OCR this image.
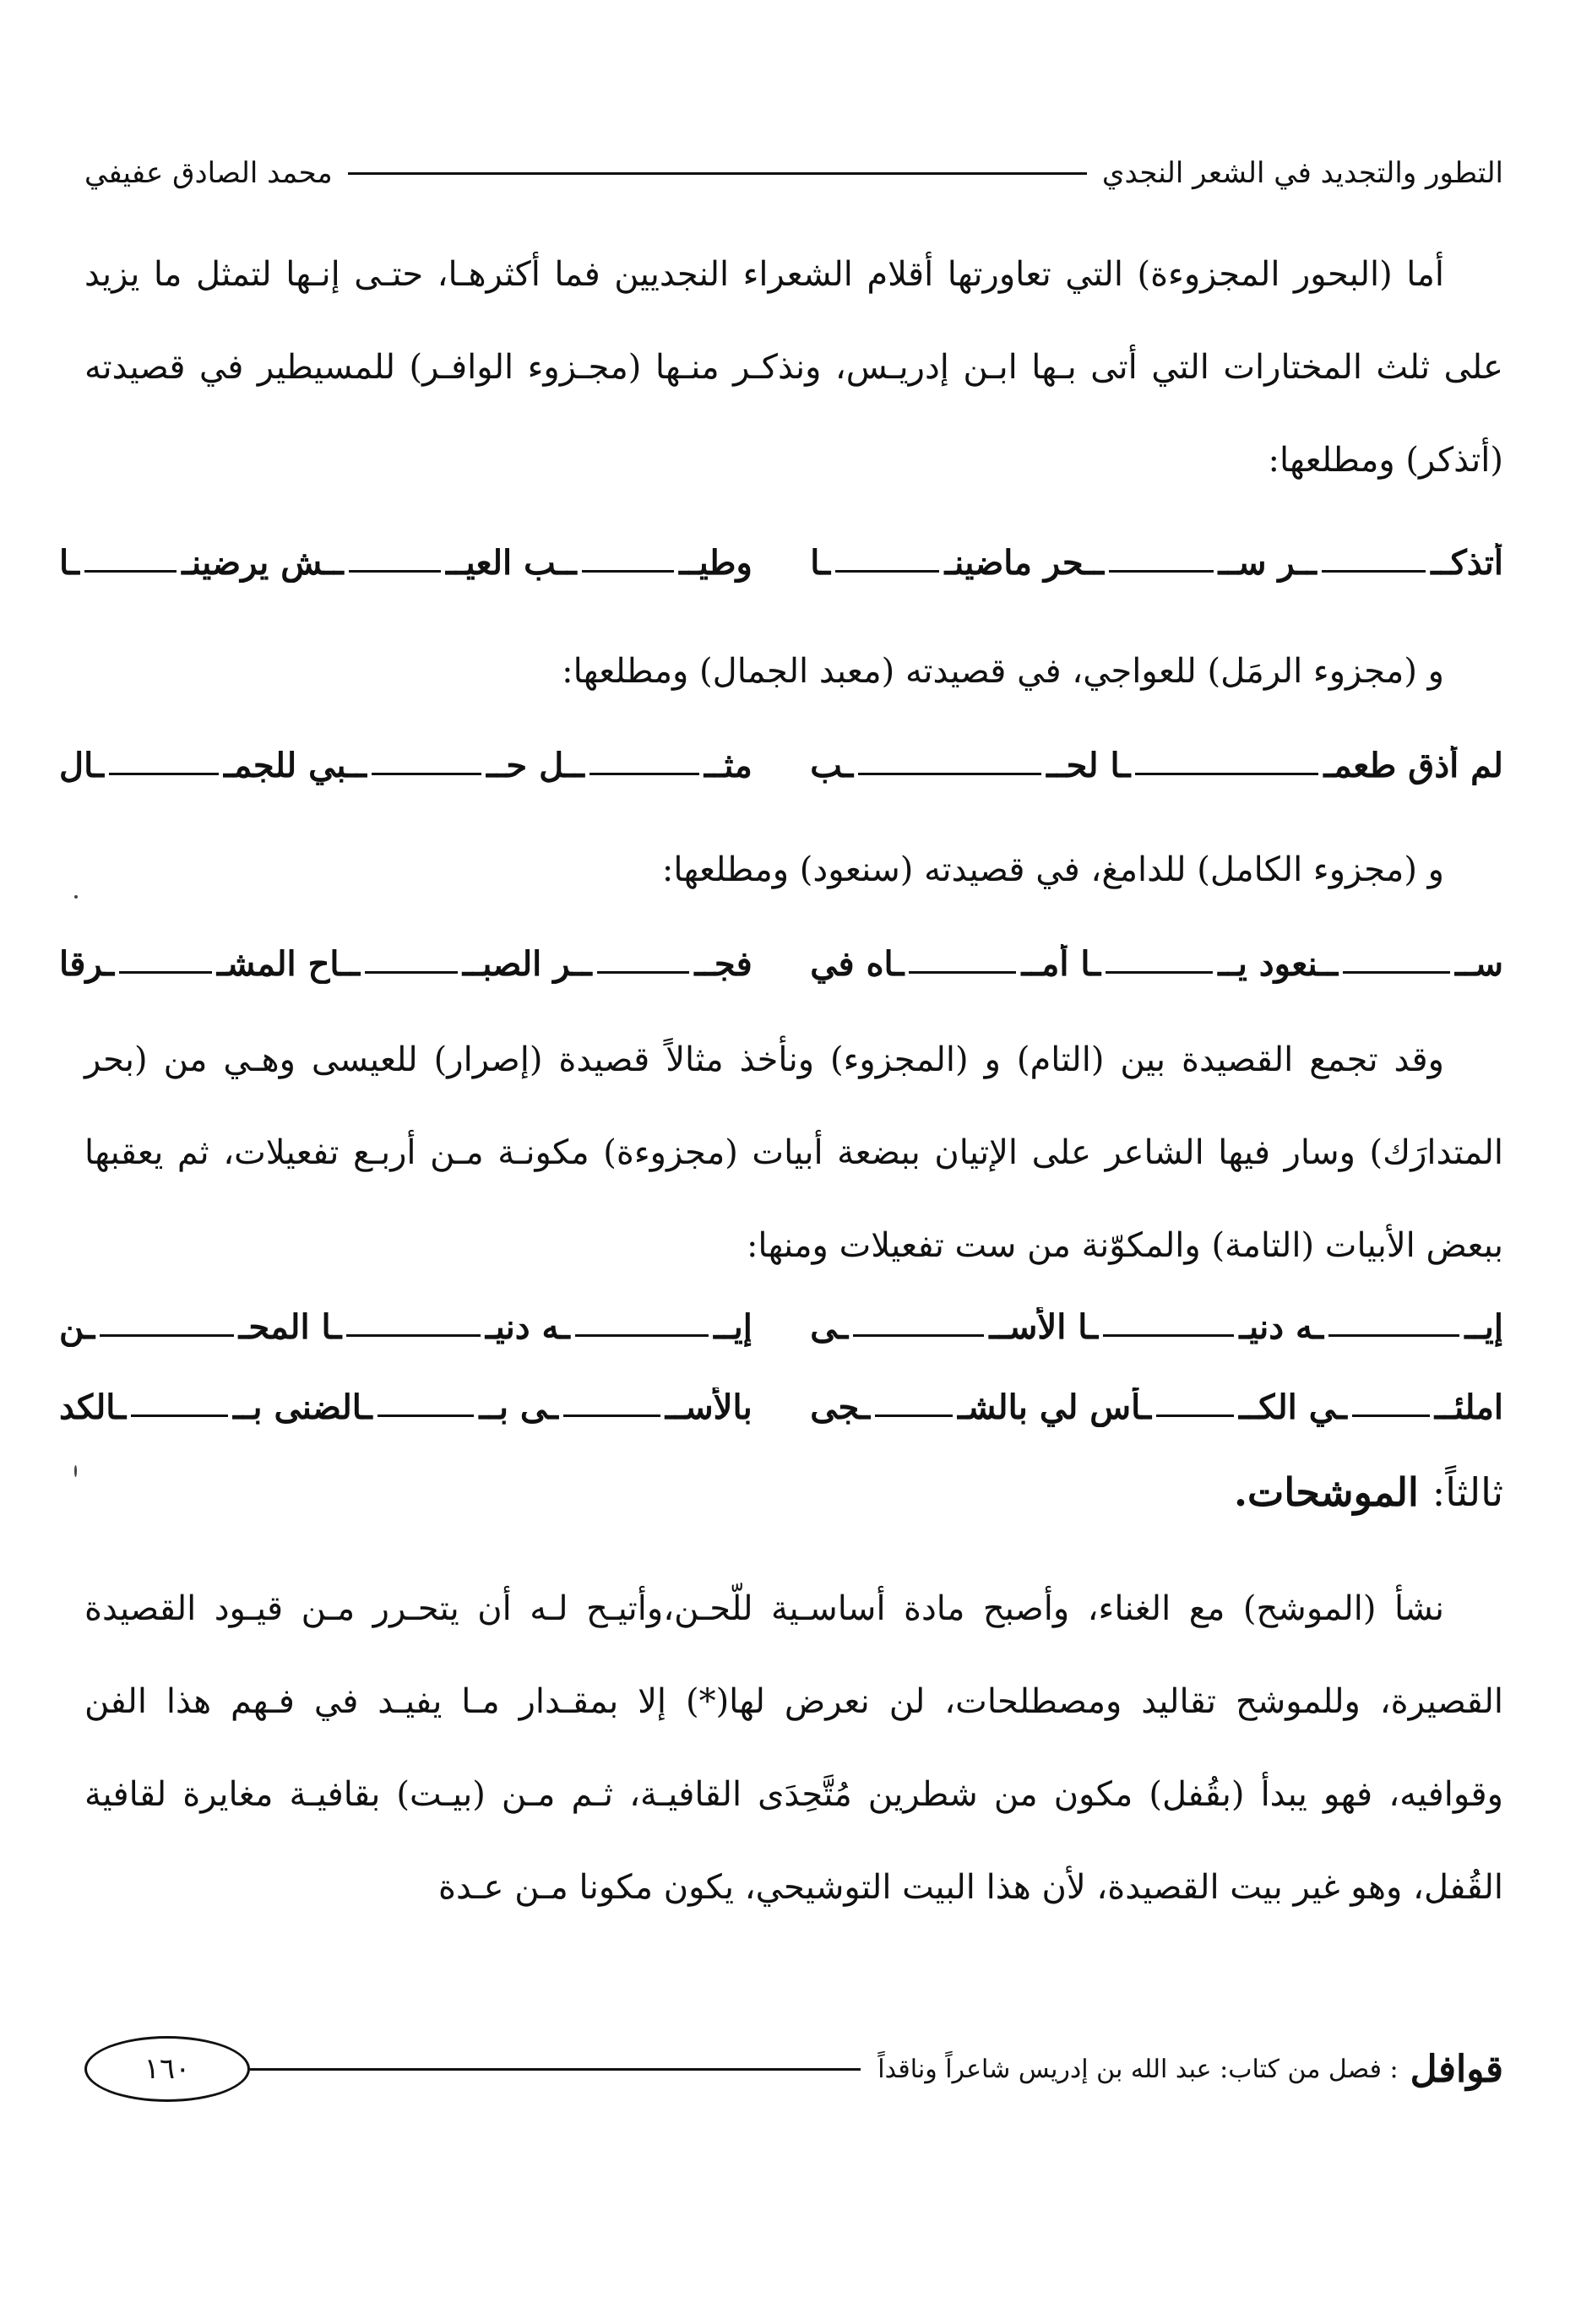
التطور والتجديد في الشعر النجدي
محمد الصادق عفيفي
أما (البحور المجزوءة) التي تعاورتها أقلام الشعراء النجديين فما أكثرهـا، حتـى إنـها لتمثل ما يزيد على ثلث المختارات التي أتى بـها ابـن إدريـس، ونذكـر منـها (مجـزوء الوافـر) للمسيطير في قصيدته (أتذكر) ومطلعها:
أتذكــ
ــر ســ
ــحر ماضينـ
ـا
وطيــ
ــب العيــ
ــش يرضينـ
ـا
و (مجزوء الرمَل) للعواجي، في قصيدته (معبد الجمال) ومطلعها:
لم أذق طعمـ
ـا لحــ
ـب
مثــ
ــل حــ
ــبي للجمـ
ـال
و (مجزوء الكامل) للدامغ، في قصيدته (سنعود) ومطلعها:
ســ
ــنعود يــ
ـا أمــ
ـاه في
فجــ
ــر الصبــ
ــاح المشـ
ـرقا
وقد تجمع القصيدة بين (التام) و (المجزوء) ونأخذ مثالاً قصيدة (إصرار) للعيسى وهـي من (بحر المتدارَك) وسار فيها الشاعر على الإتيان ببضعة أبيات (مجزوءة) مكونـة مـن أربـع تفعيلات، ثم يعقبها ببعض الأبيات (التامة) والمكوّنة من ست تفعيلات ومنها:
إيــ
ـه دنيـ
ـا الأســ
ـى
إيــ
ـه دنيـ
ـا المحـ
ـن
املئــ
ـي الكــ
ـأس لي بالشـ
ـجى
بالأســ
ـى بــ
ـالضنى بــ
ـالكد
ثالثاً: الموشحات.
نشأ (الموشح) مع الغناء، وأصبح مادة أساسـية للّحـن،وأتيـح لـه أن يتحـرر مـن قيـود القصيدة القصيرة، وللموشح تقاليد ومصطلحات، لن نعرض لها(*) إلا بمقـدار مـا يفيـد في فـهم هذا الفن وقوافيه، فهو يبدأ (بقُفل) مكون من شطرين مُتَّحِدَى القافيـة، ثـم مـن (بيـت) بقافيـة مغايرة لقافية القُفل، وهو غير بيت القصيدة، لأن هذا البيت التوشيحي، يكون مكونا مـن عـدة
قوافل
: فصل من كتاب: عبد الله بن إدريس شاعراً وناقداً
١٦٠
